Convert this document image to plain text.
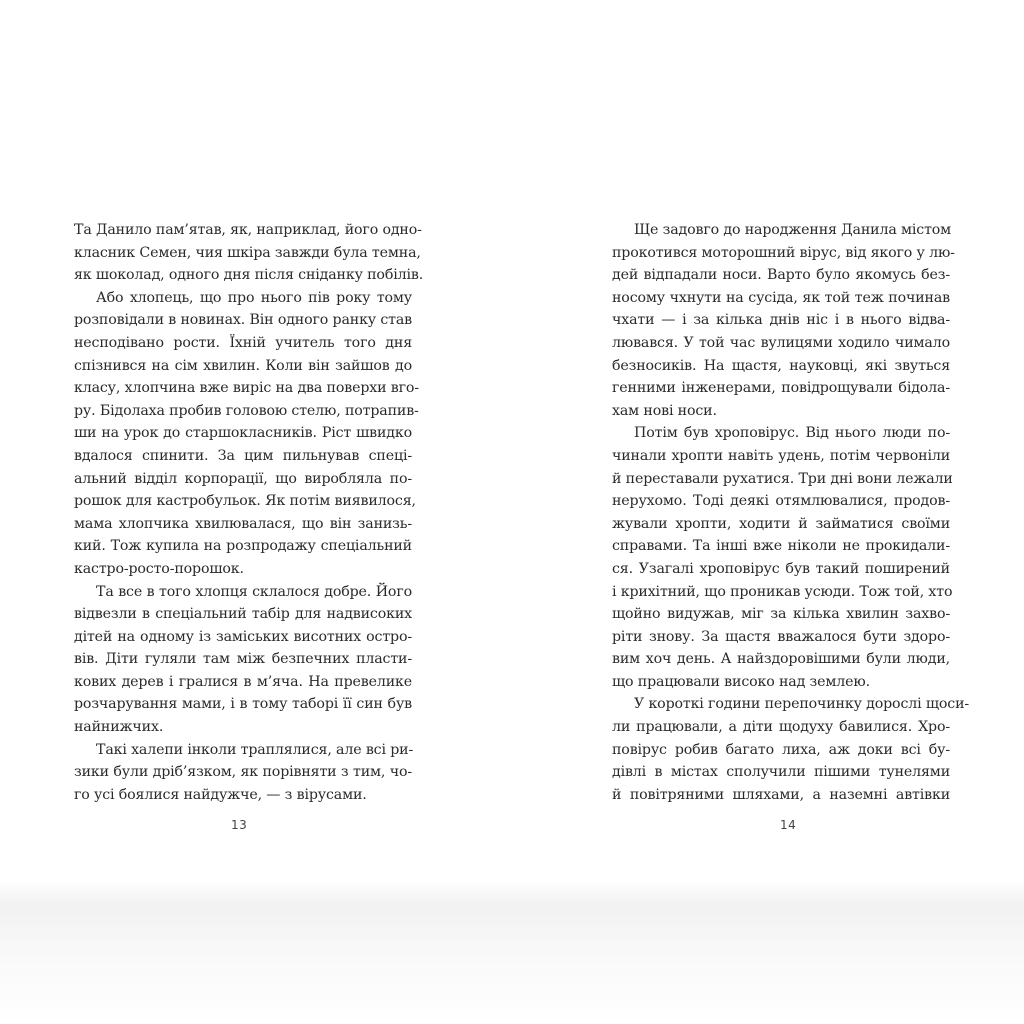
Та Данило пам’ятав, як, наприклад, його одно-
класник Семен, чия шкіра завжди була темна,
як шоколад, одного дня після сніданку побілів.
Або хлопець, що про нього пів року тому
розповідали в новинах. Він одного ранку став
несподівано рости. Їхній учитель того дня
спізнився на сім хвилин. Коли він зайшов до
класу, хлопчина вже виріс на два поверхи вго-
ру. Бідолаха пробив головою стелю, потрапив-
ши на урок до старшокласників. Ріст швидко
вдалося спинити. За цим пильнував спеці-
альний відділ корпорації, що виробляла по-
рошок для кастробульок. Як потім виявилося,
мама хлопчика хвилювалася, що він занизь-
кий. Тож купила на розпродажу спеціальний
кастро-росто-порошок.
Та все в того хлопця склалося добре. Його
відвезли в спеціальний табір для надвисоких
дітей на одному із заміських висотних остро-
вів. Діти гуляли там між безпечних пласти-
кових дерев і гралися в м’яча. На превелике
розчарування мами, і в тому таборі її син був
найнижчих.
Такі халепи інколи траплялися, але всі ри-
зики були дріб’язком, як порівняти з тим, чо-
го усі боялися найдужче, — з вірусами.
13
Ще задовго до народження Данила містом
прокотився моторошний вірус, від якого у лю-
дей відпадали носи. Варто було якомусь без-
носому чхнути на сусіда, як той теж починав
чхати — і за кілька днів ніс і в нього відва-
лювався. У той час вулицями ходило чимало
безносиків. На щастя, науковці, які звуться
генними інженерами, повідрощували бідола-
хам нові носи.
Потім був хроповірус. Від нього люди по-
чинали хропти навіть удень, потім червоніли
й переставали рухатися. Три дні вони лежали
нерухомо. Тоді деякі отямлювалися, продов-
жували хропти, ходити й займатися своїми
справами. Та інші вже ніколи не прокидали-
ся. Узагалі хроповірус був такий поширений
і крихітний, що проникав усюди. Тож той, хто
щойно видужав, міг за кілька хвилин захво-
ріти знову. За щастя вважалося бути здоро-
вим хоч день. А найздоровішими були люди,
що працювали високо над землею.
У короткі години перепочинку дорослі щоси-
ли працювали, а діти щодуху бавилися. Хро-
повірус робив багато лиха, аж доки всі бу-
дівлі в містах сполучили пішими тунелями
й повітряними шляхами, а наземні автівки
14
